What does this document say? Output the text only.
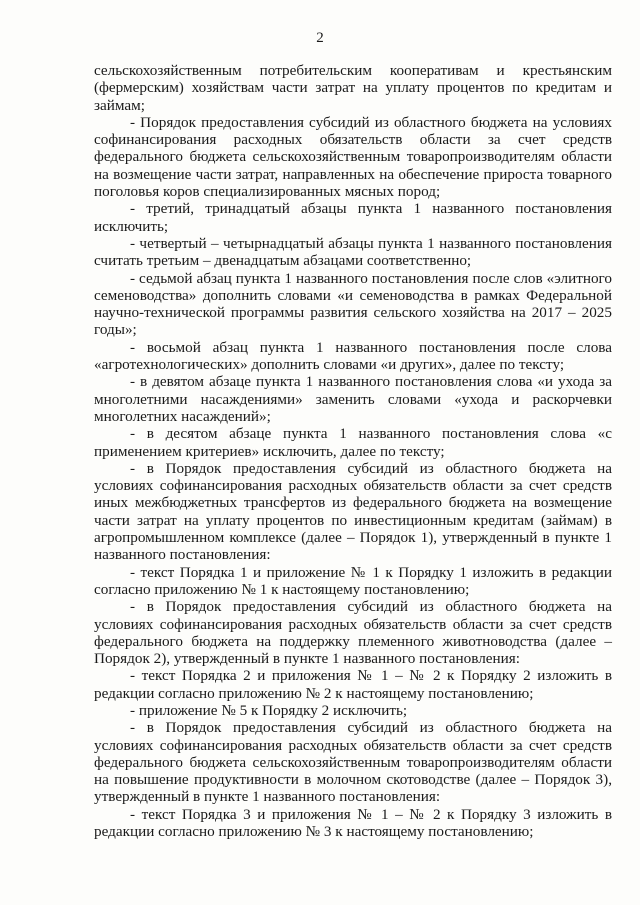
2

сельскохозяйственным потребительским кооперативам и крестьянским (фермерским) хозяйствам части затрат на уплату процентов по кредитам и займам;

- Порядок предоставления субсидий из областного бюджета на условиях софинансирования расходных обязательств области за счет средств федерального бюджета сельскохозяйственным товаропроизводителям области на возмещение части затрат, направленных на обеспечение прироста товарного поголовья коров специализированных мясных пород;

- третий, тринадцатый абзацы пункта 1 названного постановления исключить;

- четвертый – четырнадцатый абзацы пункта 1 названного постановления считать третьим – двенадцатым абзацами соответственно;

- седьмой абзац пункта 1 названного постановления после слов «элитного семеноводства» дополнить словами «и семеноводства в рамках Федеральной научно-технической программы развития сельского хозяйства на 2017 – 2025 годы»;

- восьмой абзац пункта 1 названного постановления после слова «агротехнологических» дополнить словами «и других», далее по тексту;

- в девятом абзаце пункта 1 названного постановления слова «и ухода за многолетними насаждениями» заменить словами «ухода и раскорчевки многолетних насаждений»;

- в десятом абзаце пункта 1 названного постановления слова «с применением критериев» исключить, далее по тексту;

- в Порядок предоставления субсидий из областного бюджета на условиях софинансирования расходных обязательств области за счет средств иных межбюджетных трансфертов из федерального бюджета на возмещение части затрат на уплату процентов по инвестиционным кредитам (займам) в агропромышленном комплексе (далее – Порядок 1), утвержденный в пункте 1 названного постановления:

- текст Порядка 1 и приложение № 1 к Порядку 1 изложить в редакции согласно приложению № 1 к настоящему постановлению;

- в Порядок предоставления субсидий из областного бюджета на условиях софинансирования расходных обязательств области за счет средств федерального бюджета на поддержку племенного животноводства (далее – Порядок 2), утвержденный в пункте 1 названного постановления:

- текст Порядка 2 и приложения № 1 – № 2 к Порядку 2 изложить в редакции согласно приложению № 2 к настоящему постановлению;

- приложение № 5 к Порядку 2 исключить;

- в Порядок предоставления субсидий из областного бюджета на условиях софинансирования расходных обязательств области за счет средств федерального бюджета сельскохозяйственным товаропроизводителям области на повышение продуктивности в молочном скотоводстве (далее – Порядок 3), утвержденный в пункте 1 названного постановления:

- текст Порядка 3 и приложения № 1 – № 2 к Порядку 3 изложить в редакции согласно приложению № 3 к настоящему постановлению;
